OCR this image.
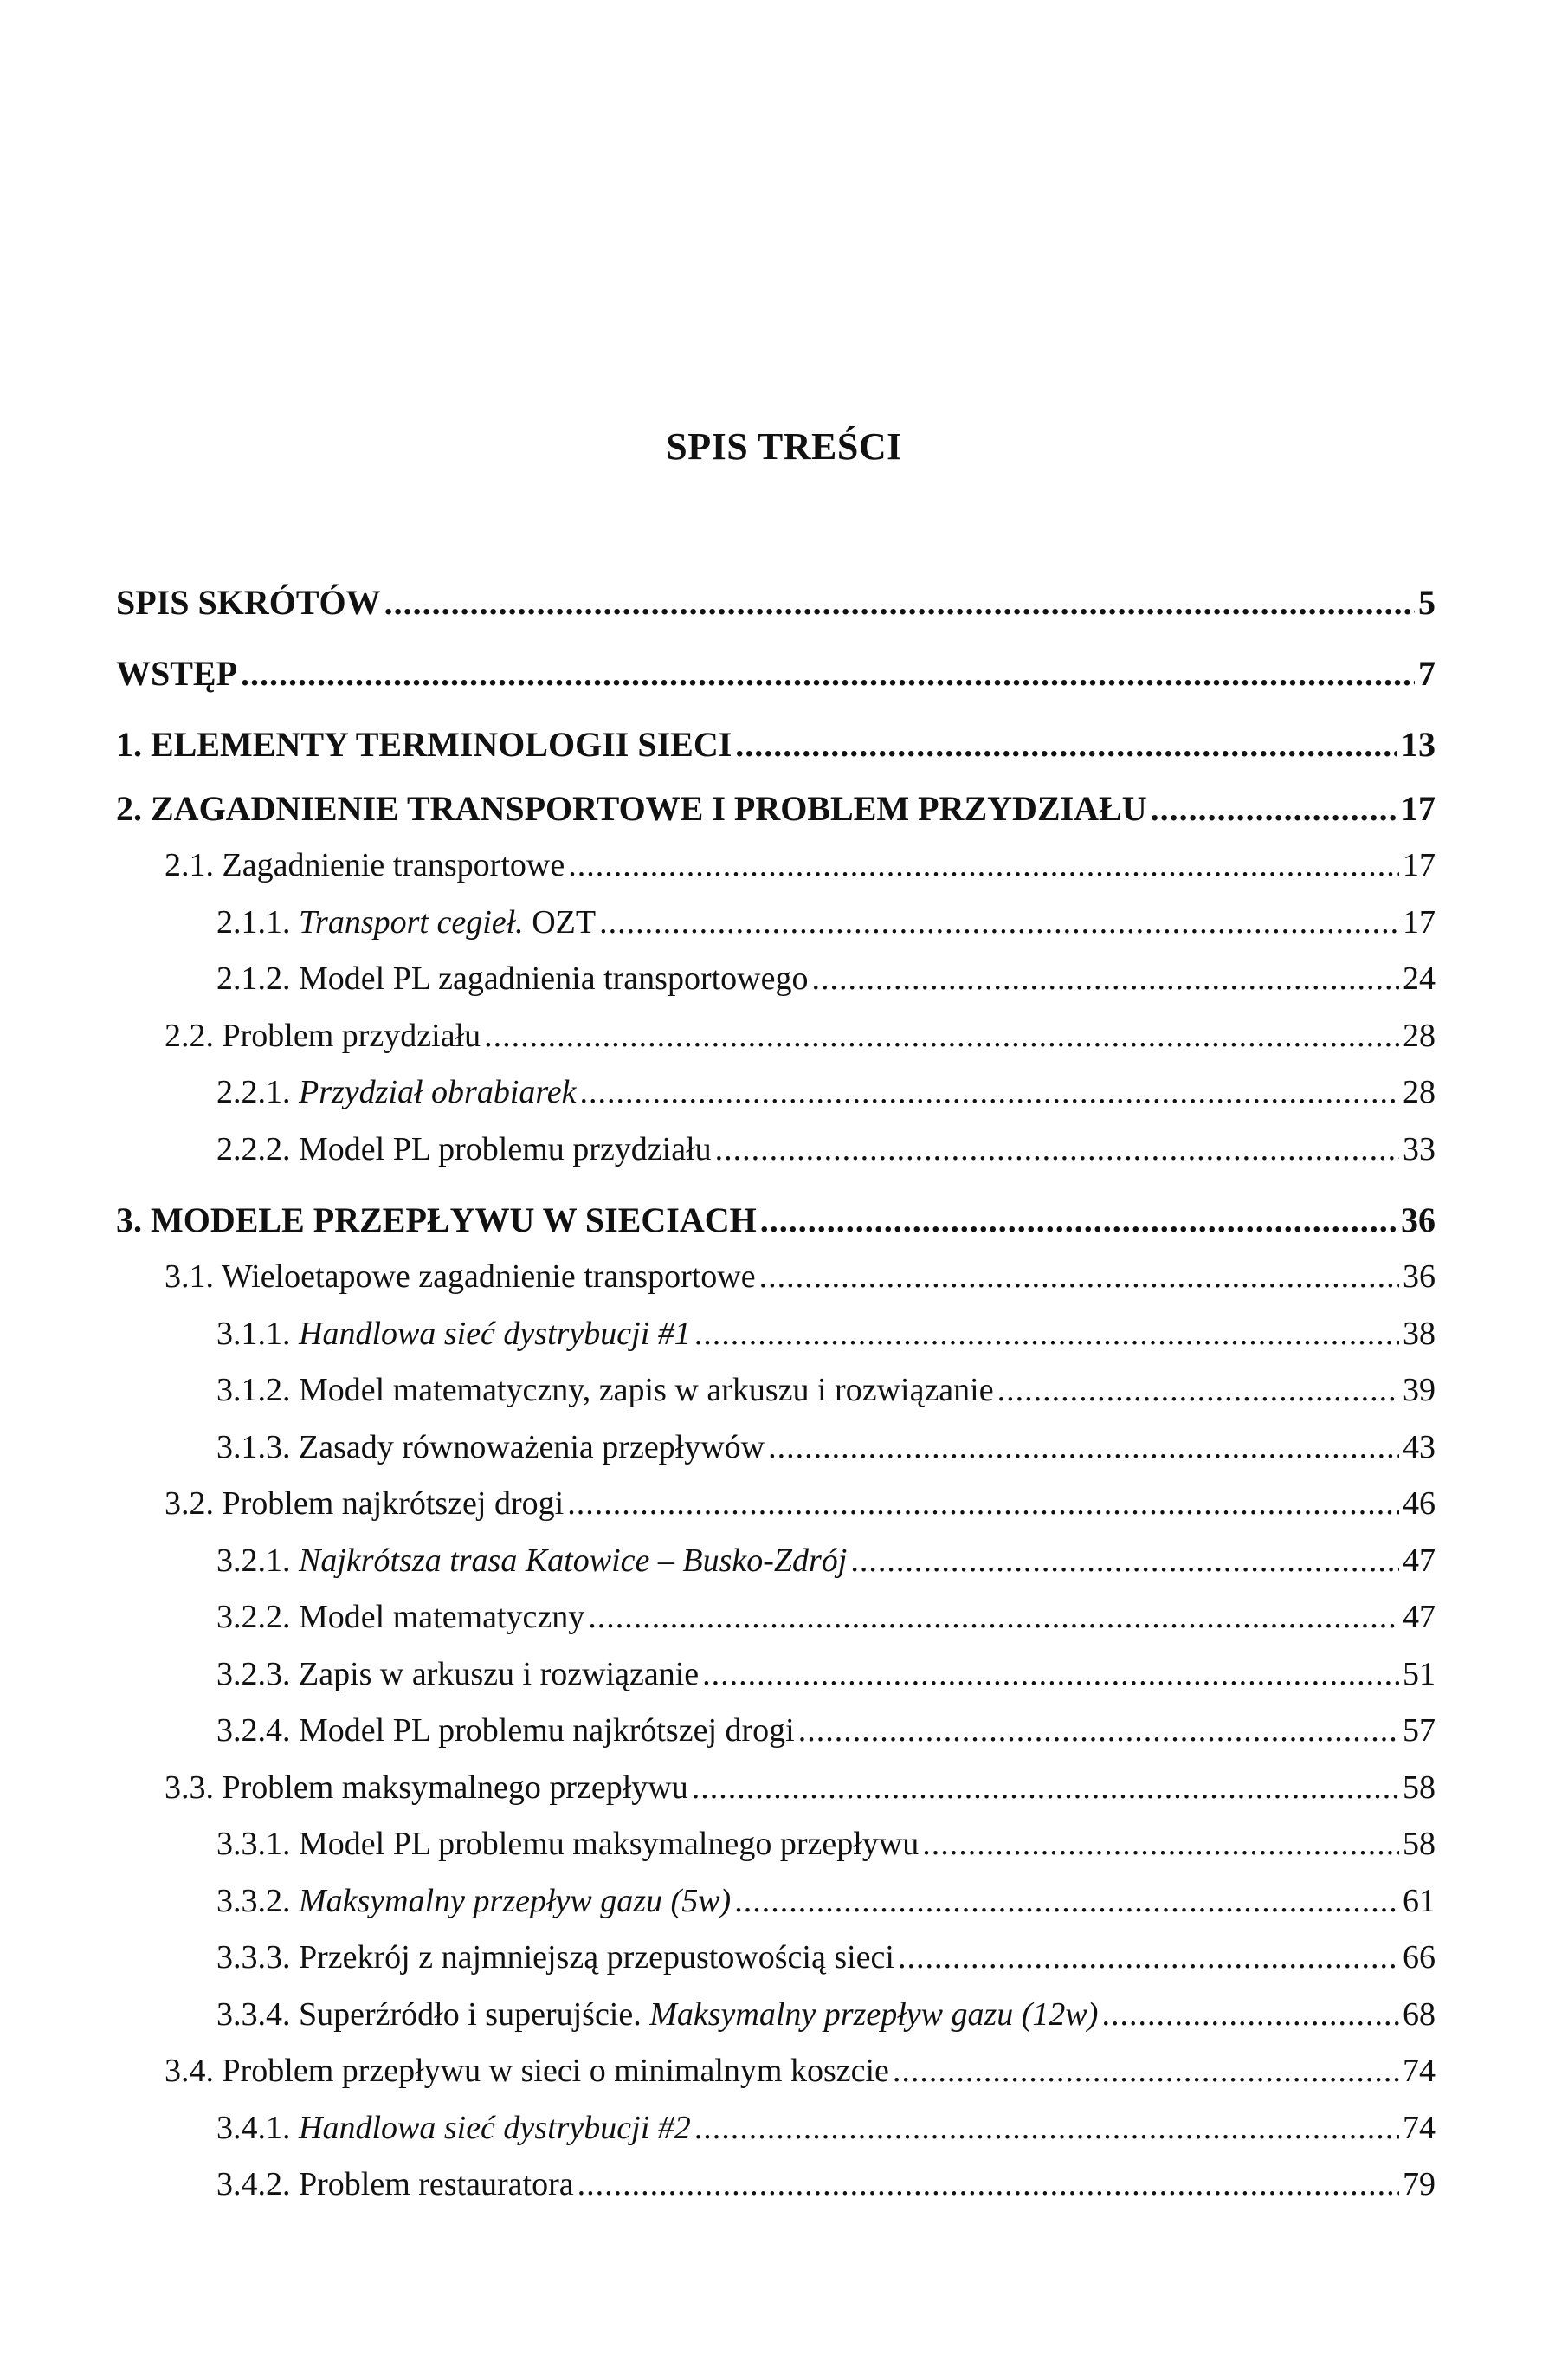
SPIS TREŚCI
SPIS SKRÓTÓW .....	5
WSTĘP .....	7
1. ELEMENTY TERMINOLOGII SIECI .....	13
2. ZAGADNIENIE TRANSPORTOWE I PROBLEM PRZYDZIAŁU .....	17
2.1. Zagadnienie transportowe .....	17
2.1.1. Transport cegieł. OZT .....	17
2.1.2. Model PL zagadnienia transportowego .....	24
2.2. Problem przydziału .....	28
2.2.1. Przydział obrabiarek .....	28
2.2.2. Model PL problemu przydziału .....	33
3. MODELE PRZEPŁYWU W SIECIACH .....	36
3.1. Wieloetapowe zagadnienie transportowe .....	36
3.1.1. Handlowa sieć dystrybucji #1 .....	38
3.1.2. Model matematyczny, zapis w arkuszu i rozwiązanie .....	39
3.1.3. Zasady równoważenia przepływów .....	43
3.2. Problem najkrótszej drogi .....	46
3.2.1. Najkrótsza trasa Katowice – Busko-Zdrój .....	47
3.2.2. Model matematyczny .....	47
3.2.3. Zapis w arkuszu i rozwiązanie .....	51
3.2.4. Model PL problemu najkrótszej drogi .....	57
3.3. Problem maksymalnego przepływu .....	58
3.3.1. Model PL problemu maksymalnego przepływu .....	58
3.3.2. Maksymalny przepływ gazu (5w) .....	61
3.3.3. Przekrój z najmniejszą przepustowością sieci .....	66
3.3.4. Superźródło i superujście. Maksymalny przepływ gazu (12w) .....	68
3.4. Problem przepływu w sieci o minimalnym koszcie .....	74
3.4.1. Handlowa sieć dystrybucji #2 .....	74
3.4.2. Problem restauratora .....	79
